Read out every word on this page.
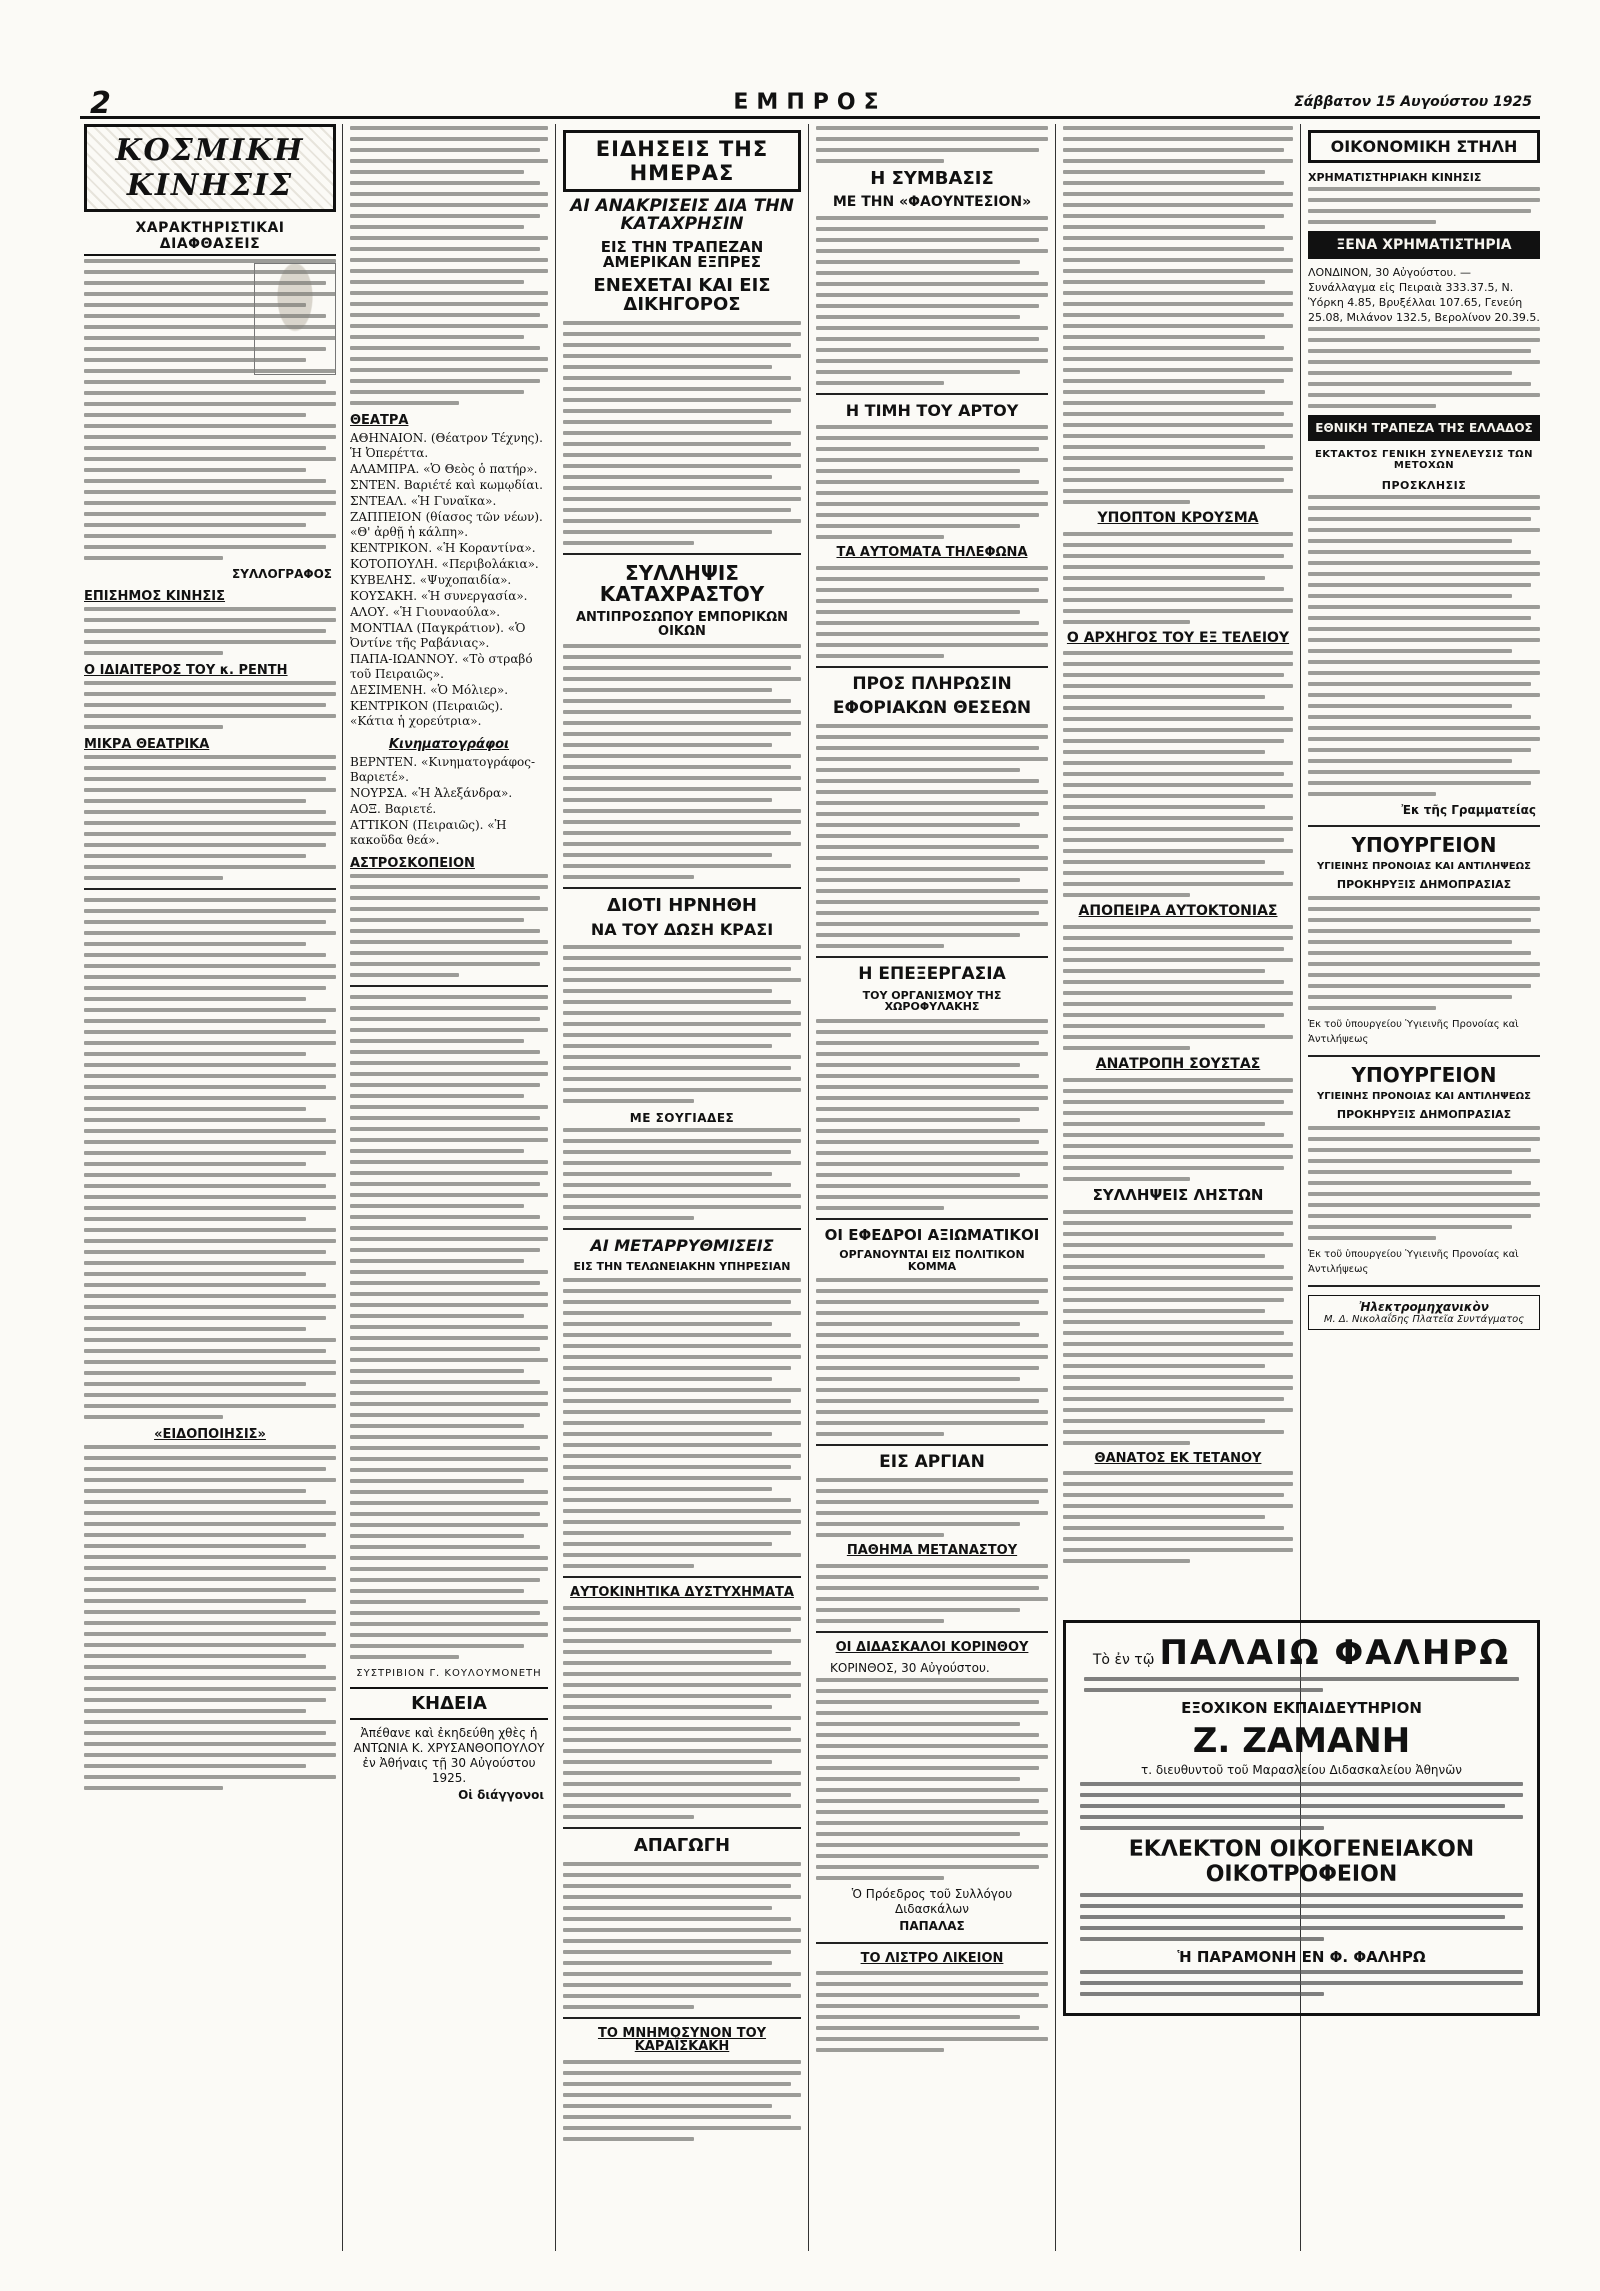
2	ΕΜΠΡΟΣ	Σάββατον 15 Αυγούστου 1925
ΚΟΣΜΙΚΗ ΚΙΝΗΣΙΣ
ΧΑΡΑΚΤΗΡΙΣΤΙΚΑΙ ΔΙΑΦΘΑΣΕΙΣ
ΣΥΛΛΟΓΡΑΦΟΣ
ΕΠΙΣΗΜΟΣ ΚΙΝΗΣΙΣ
Ο ΙΔΙΑΙΤΕΡΟΣ ΤΟΥ κ. ΡΕΝΤΗ
ΜΙΚΡΑ ΘΕΑΤΡΙΚΑ
«ΕΙΔΟΠΟΙΗΣΙΣ»
ΘΕΑΤΡΑ
ΑΘΗΝΑΙΟΝ. (Θέατρον Τέχνης). Ἡ Ὀπερέττα.
ΑΛΑΜΠΡΑ. «Ὁ Θεὸς ὁ πατήρ».
ΣΝΤΕΝ. Βαριέτέ καὶ κωμῳδίαι.
ΣΝΤΕΑΛ. «Ἡ Γυναῖκα».
ΖΑΠΠΕΙΟΝ (θίασος τῶν νέων). «Θ' ἀρθῇ ἡ κάλπη».
ΚΕΝΤΡΙΚΟΝ. «Ἡ Κοραντίνα».
ΚΟΤΟΠΟΥΛΗ. «Περιβολάκια».
ΚΥΒΕΛΗΣ. «Ψυχοπαιδία».
ΚΟΥΣΑΚΗ. «Ἡ συνεργασία».
ΑΛΟΥ. «Ἡ Γιουναούλα».
ΜΟΝΤΙΑΛ (Παγκράτιον). «Ὁ Ὀντίνε τῆς Ραβάνιας».
ΠΑΠΑ-ΙΩΑΝΝΟΥ. «Τὸ στραβό τοῦ Πειραιῶς».
ΔΕΣΙΜΕΝΗ. «Ὁ Μόλιερ».
ΚΕΝΤΡΙΚΟΝ (Πειραιῶς). «Κάτια ἡ χορεύτρια».
Κινηματογράφοι
ΒΕΡΝΤΕΝ. «Κινηματογράφος-Βαριετέ».
ΝΟΥΡΣΑ. «Ἡ Ἀλεξάνδρα».
ΑΟΞ. Βαριετέ.
ΑΤΤΙΚΟΝ (Πειραιῶς). «Ἡ κακοῦδα θεά».
ΑΣΤΡΟΣΚΟΠΕΙΟΝ
ΣΥΣΤΡΙΒΙΟΝ Γ. ΚΟΥΛΟΥΜΟΝΕΤΗ
ΚΗΔΕΙΑ

Ἀπέθανε καὶ ἐκηδεύθη χθὲς ἡ ΑΝΤΩΝΙΑ Κ. ΧΡΥΣΑΝΘΟΠΟΥΛΟΥ ἐν Ἀθήναις τῇ 30 Αὐγούστου 1925.

Οἱ διάγγονοι
ΕΙΔΗΣΕΙΣ ΤΗΣ ΗΜΕΡΑΣ
ΑΙ ΑΝΑΚΡΙΣΕΙΣ ΔΙΑ ΤΗΝ ΚΑΤΑΧΡΗΣΙΝ
ΕΙΣ ΤΗΝ ΤΡΑΠΕΖΑΝ ΑΜΕΡΙΚΑΝ ΕΞΠΡΕΣ
ΕΝΕΧΕΤΑΙ ΚΑΙ ΕΙΣ ΔΙΚΗΓΟΡΟΣ
ΣΥΛΛΗΨΙΣ ΚΑΤΑΧΡΑΣΤΟΥ
ΑΝΤΙΠΡΟΣΩΠΟΥ ΕΜΠΟΡΙΚΩΝ ΟΙΚΩΝ
ΔΙΟΤΙ ΗΡΝΗΘΗ
ΝΑ ΤΟΥ ΔΩΣΗ ΚΡΑΣΙ
ΜΕ ΣΟΥΓΙΑΔΕΣ
ΑΙ ΜΕΤΑΡΡΥΘΜΙΣΕΙΣ
ΕΙΣ ΤΗΝ ΤΕΛΩΝΕΙΑΚΗΝ ΥΠΗΡΕΣΙΑΝ
ΑΥΤΟΚΙΝΗΤΙΚΑ ΔΥΣΤΥΧΗΜΑΤΑ
ΑΠΑΓΩΓΗ
ΤΟ ΜΝΗΜΟΣΥΝΟΝ ΤΟΥ ΚΑΡΑΪΣΚΑΚΗ
Η ΣΥΜΒΑΣΙΣ
ΜΕ ΤΗΝ «ΦΑΟΥΝΤΕΣΙΟΝ»
Η ΤΙΜΗ ΤΟΥ ΑΡΤΟΥ
ΤΑ ΑΥΤΟΜΑΤΑ ΤΗΛΕΦΩΝΑ
ΠΡΟΣ ΠΛΗΡΩΣΙΝ
ΕΦΟΡΙΑΚΩΝ ΘΕΣΕΩΝ
Η ΕΠΕΞΕΡΓΑΣΙΑ
ΤΟΥ ΟΡΓΑΝΙΣΜΟΥ ΤΗΣ ΧΩΡΟΦΥΛΑΚΗΣ
ΟΙ ΕΦΕΔΡΟΙ ΑΞΙΩΜΑΤΙΚΟΙ
ΟΡΓΑΝΟΥΝΤΑΙ ΕΙΣ ΠΟΛΙΤΙΚΟΝ ΚΟΜΜΑ
ΕΙΣ ΑΡΓΙΑΝ
ΠΑΘΗΜΑ ΜΕΤΑΝΑΣΤΟΥ
ΟΙ ΔΙΔΑΣΚΑΛΟΙ ΚΟΡΙΝΘΟΥ

ΚΟΡΙΝΘΟΣ, 30 Αὐγούστου.

Ὁ Πρόεδρος τοῦ Συλλόγου Διδασκάλων
ΠΑΠΑΛΑΣ
ΤΟ ΛΙΣΤΡΟ ΛΙΚΕΙΟΝ
ΥΠΟΠΤΟΝ ΚΡΟΥΣΜΑ
Ο ΑΡΧΗΓΟΣ ΤΟΥ ΕΞ ΤΕΛΕΙΟΥ
ΑΠΟΠΕΙΡΑ ΑΥΤΟΚΤΟΝΙΑΣ
ΑΝΑΤΡΟΠΗ ΣΟΥΣΤΑΣ
ΣΥΛΛΗΨΕΙΣ ΛΗΣΤΩΝ
ΘΑΝΑΤΟΣ ΕΚ ΤΕΤΑΝΟΥ
ΟΙΚΟΝΟΜΙΚΗ ΣΤΗΛΗ
ΧΡΗΜΑΤΙΣΤΗΡΙΑΚΗ ΚΙΝΗΣΙΣ
ΞΕΝΑ ΧΡΗΜΑΤΙΣΤΗΡΙΑ

ΛΟΝΔΙΝΟΝ, 30 Αὐγούστου. — Συνάλλαγμα εἰς Πειραιὰ 333.37.5, Ν. Ὑόρκη 4.85, Βρυξέλλαι 107.65, Γενεύη 25.08, Μιλάνον 132.5, Βερολίνον 20.39.5.

ΕΘΝΙΚΗ ΤΡΑΠΕΖΑ ΤΗΣ ΕΛΛΑΔΟΣ
ΕΚΤΑΚΤΟΣ ΓΕΝΙΚΗ ΣΥΝΕΛΕΥΣΙΣ ΤΩΝ ΜΕΤΟΧΩΝ
ΠΡΟΣΚΛΗΣΙΣ
Ἐκ τῆς Γραμματείας
ΥΠΟΥΡΓΕΙΟΝ
ΥΓΙΕΙΝΗΣ ΠΡΟΝΟΙΑΣ ΚΑΙ ΑΝΤΙΛΗΨΕΩΣ
ΠΡΟΚΗΡΥΞΙΣ ΔΗΜΟΠΡΑΣΙΑΣ
Ἐκ τοῦ ὑπουργείου Ὑγιεινῆς Προνοίας καὶ Ἀντιλήψεως
ΥΠΟΥΡΓΕΙΟΝ
ΥΓΙΕΙΝΗΣ ΠΡΟΝΟΙΑΣ ΚΑΙ ΑΝΤΙΛΗΨΕΩΣ
ΠΡΟΚΗΡΥΞΙΣ ΔΗΜΟΠΡΑΣΙΑΣ
Ἐκ τοῦ ὑπουργείου Ὑγιεινῆς Προνοίας καὶ Ἀντιλήψεως
Ἠλεκτρομηχανικὸν
Μ. Δ. Νικολαΐδης Πλατεῖα Συντάγματος
Τὸ ἐν τῷ ΠΑΛΑΙΩ ΦΑΛΗΡΩ
ΕΞΟΧΙΚΟΝ ΕΚΠΑΙΔΕΥΤΗΡΙΟΝ
Ζ. ΖΑΜΑΝΗ
τ. διευθυντοῦ τοῦ Μαρασλείου Διδασκαλείου Ἀθηνῶν
ΕΚΛΕΚΤΟΝ ΟΙΚΟΓΕΝΕΙΑΚΟΝ ΟΙΚΟΤΡΟΦΕΙΟΝ
Ἡ ΠΑΡΑΜΟΝΗ ΕΝ Φ. ΦΑΛΗΡΩ
